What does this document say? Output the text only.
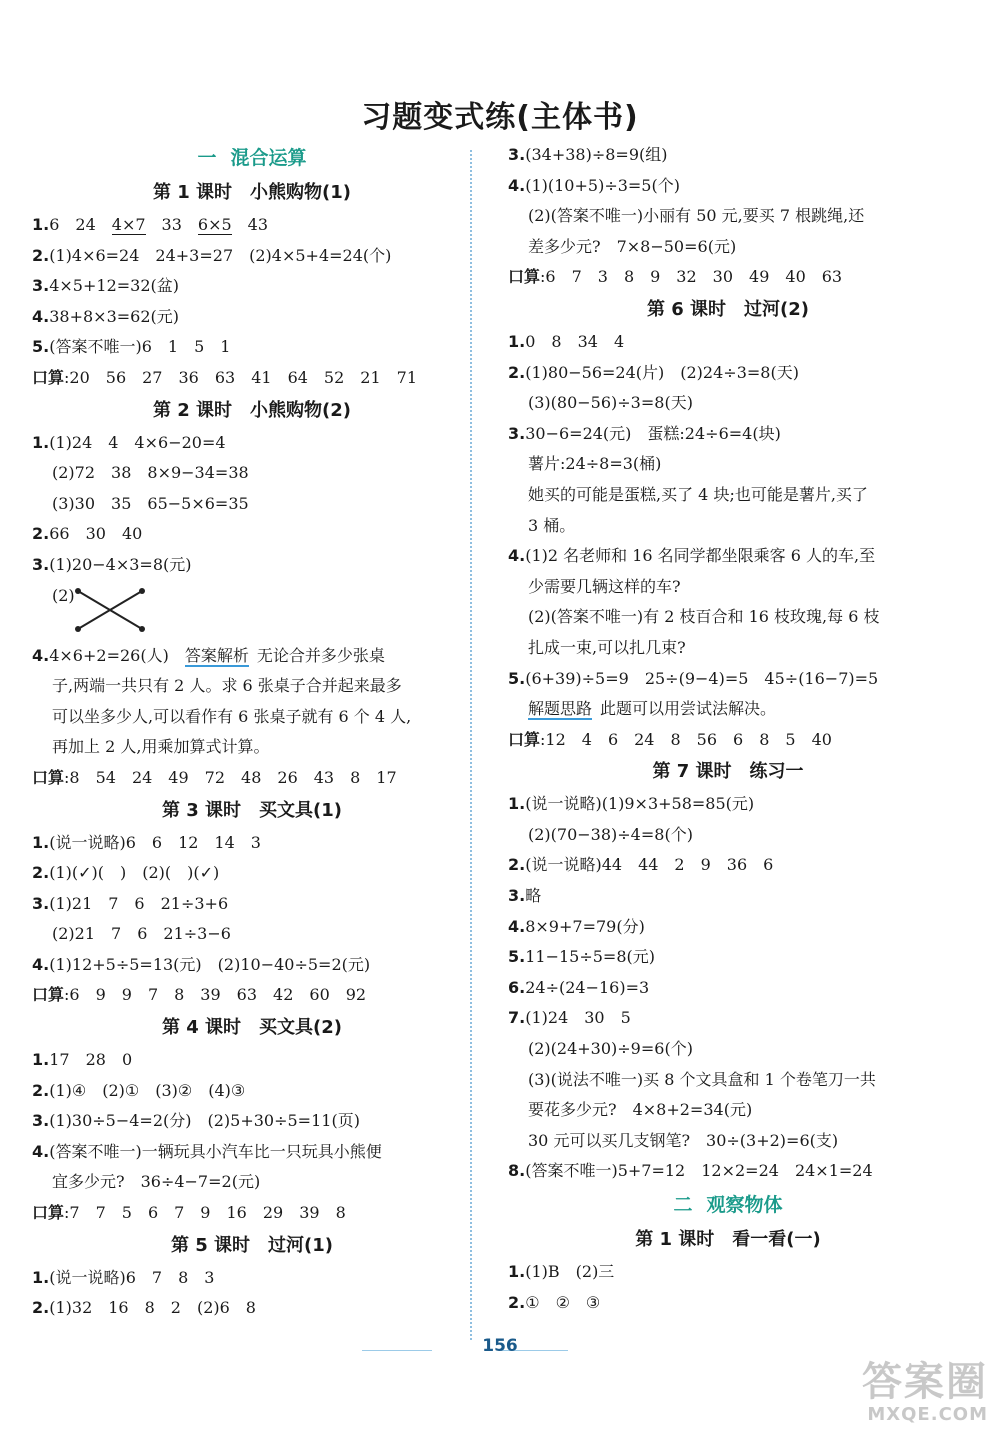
习题变式练(主体书)
一 混合运算
第 1 课时　小熊购物(1)
1.6　24　4×7　33　6×5　43
2.(1)4×6=24　24+3=27　(2)4×5+4=24(个)
3.4×5+12=32(盆)
4.38+8×3=62(元)
5.(答案不唯一)6　1　5　1
口算:20　56　27　36　63　41　64　52　21　71
第 2 课时　小熊购物(2)
1.(1)24　4　4×6−20=4
(2)72　38　8×9−34=38
(3)30　35　65−5×6=35
2.66　30　40
3.(1)20−4×3=8(元)
(2)
4.4×6+2=26(人)　 答案解析 无论合并多少张桌
子,两端一共只有 2 人。求 6 张桌子合并起来最多
可以坐多少人,可以看作有 6 张桌子就有 6 个 4 人,
再加上 2 人,用乘加算式计算。
口算:8　54　24　49　72　48　26　43　8　17
第 3 课时　买文具(1)
1.(说一说略)6　6　12　14　3
2.(1)(✓)(　)　(2)(　)(✓)
3.(1)21　7　6　21÷3+6
(2)21　7　6　21÷3−6
4.(1)12+5÷5=13(元)　(2)10−40÷5=2(元)
口算:6　9　9　7　8　39　63　42　60　92
第 4 课时　买文具(2)
1.17　28　0
2.(1)④　(2)①　(3)②　(4)③
3.(1)30÷5−4=2(分)　(2)5+30÷5=11(页)
4.(答案不唯一)一辆玩具小汽车比一只玩具小熊便
宜多少元?　36÷4−7=2(元)
口算:7　7　5　6　7　9　16　29　39　8
第 5 课时　过河(1)
1.(说一说略)6　7　8　3
2.(1)32　16　8　2　(2)6　8
3.(34+38)÷8=9(组)
4.(1)(10+5)÷3=5(个)
(2)(答案不唯一)小丽有 50 元,要买 7 根跳绳,还
差多少元?　7×8−50=6(元)
口算:6　7　3　8　9　32　30　49　40　63
第 6 课时　过河(2)
1.0　8　34　4
2.(1)80−56=24(片)　(2)24÷3=8(天)
(3)(80−56)÷3=8(天)
3.30−6=24(元)　蛋糕:24÷6=4(块)
薯片:24÷8=3(桶)
她买的可能是蛋糕,买了 4 块;也可能是薯片,买了
3 桶。
4.(1)2 名老师和 16 名同学都坐限乘客 6 人的车,至
少需要几辆这样的车?
(2)(答案不唯一)有 2 枝百合和 16 枝玫瑰,每 6 枝
扎成一束,可以扎几束?
5.(6+39)÷5=9　25÷(9−4)=5　45÷(16−7)=5
解题思路 此题可以用尝试法解决。
口算:12　4　6　24　8　56　6　8　5　40
第 7 课时　练习一
1.(说一说略)(1)9×3+58=85(元)
(2)(70−38)÷4=8(个)
2.(说一说略)44　44　2　9　36　6
3.略
4.8×9+7=79(分)
5.11−15÷5=8(元)
6.24÷(24−16)=3
7.(1)24　30　5
(2)(24+30)÷9=6(个)
(3)(说法不唯一)买 8 个文具盒和 1 个卷笔刀一共
要花多少元?　4×8+2=34(元)
30 元可以买几支钢笔?　30÷(3+2)=6(支)
8.(答案不唯一)5+7=12　12×2=24　24×1=24
二 观察物体
第 1 课时　看一看(一)
1.(1)B　(2)三
2.①　②　③
156
答案圈
MXQE.COM
